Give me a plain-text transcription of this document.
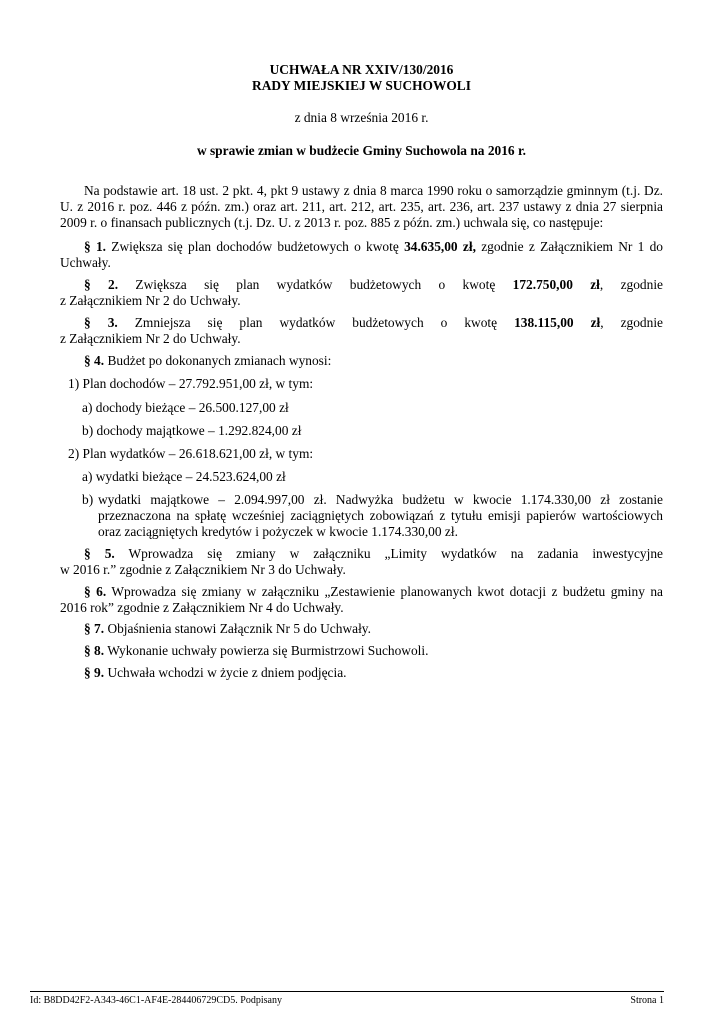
UCHWAŁA NR XXIV/130/2016
RADY MIEJSKIEJ W SUCHOWOLI
z dnia 8 września 2016 r.
w sprawie zmian w budżecie Gminy Suchowola na 2016 r.
Na podstawie art. 18 ust. 2 pkt. 4, pkt 9 ustawy z dnia 8 marca 1990 roku o samorządzie gminnym (t.j. Dz. U. z 2016 r. poz. 446 z późn. zm.) oraz art. 211, art. 212, art. 235, art. 236, art. 237 ustawy z dnia 27 sierpnia 2009 r. o finansach publicznych (t.j. Dz. U. z 2013 r. poz. 885 z późn. zm.) uchwala się, co następuje:
§ 1. Zwiększa się plan dochodów budżetowych o kwotę 34.635,00 zł, zgodnie z Załącznikiem Nr 1 do Uchwały.
§ 2. Zwiększa się plan wydatków budżetowych o kwotę 172.750,00 zł, zgodnie
z Załącznikiem Nr 2 do Uchwały.
§ 3. Zmniejsza się plan wydatków budżetowych o kwotę 138.115,00 zł, zgodnie
z Załącznikiem Nr 2 do Uchwały.
§ 4. Budżet po dokonanych zmianach wynosi:
1) Plan dochodów – 27.792.951,00 zł, w tym:
a) dochody bieżące – 26.500.127,00 zł
b) dochody majątkowe – 1.292.824,00 zł
2) Plan wydatków – 26.618.621,00 zł, w tym:
a) wydatki bieżące – 24.523.624,00 zł
b) wydatki majątkowe – 2.094.997,00 zł. Nadwyżka budżetu w kwocie 1.174.330,00 zł zostanie przeznaczona na spłatę wcześniej zaciągniętych zobowiązań z tytułu emisji papierów wartościowych oraz zaciągniętych kredytów i pożyczek w kwocie 1.174.330,00 zł.
§ 5. Wprowadza się zmiany w załączniku „Limity wydatków na zadania inwestycyjne
w 2016 r.” zgodnie z Załącznikiem Nr 3 do Uchwały.
§ 6. Wprowadza się zmiany w załączniku „Zestawienie planowanych kwot dotacji z budżetu gminy na 2016 rok” zgodnie z Załącznikiem Nr 4 do Uchwały.
§ 7. Objaśnienia stanowi Załącznik Nr 5 do Uchwały.
§ 8. Wykonanie uchwały powierza się Burmistrzowi Suchowoli.
§ 9. Uchwała wchodzi w życie z dniem podjęcia.
Id: B8DD42F2-A343-46C1-AF4E-284406729CD5. Podpisany	Strona 1
